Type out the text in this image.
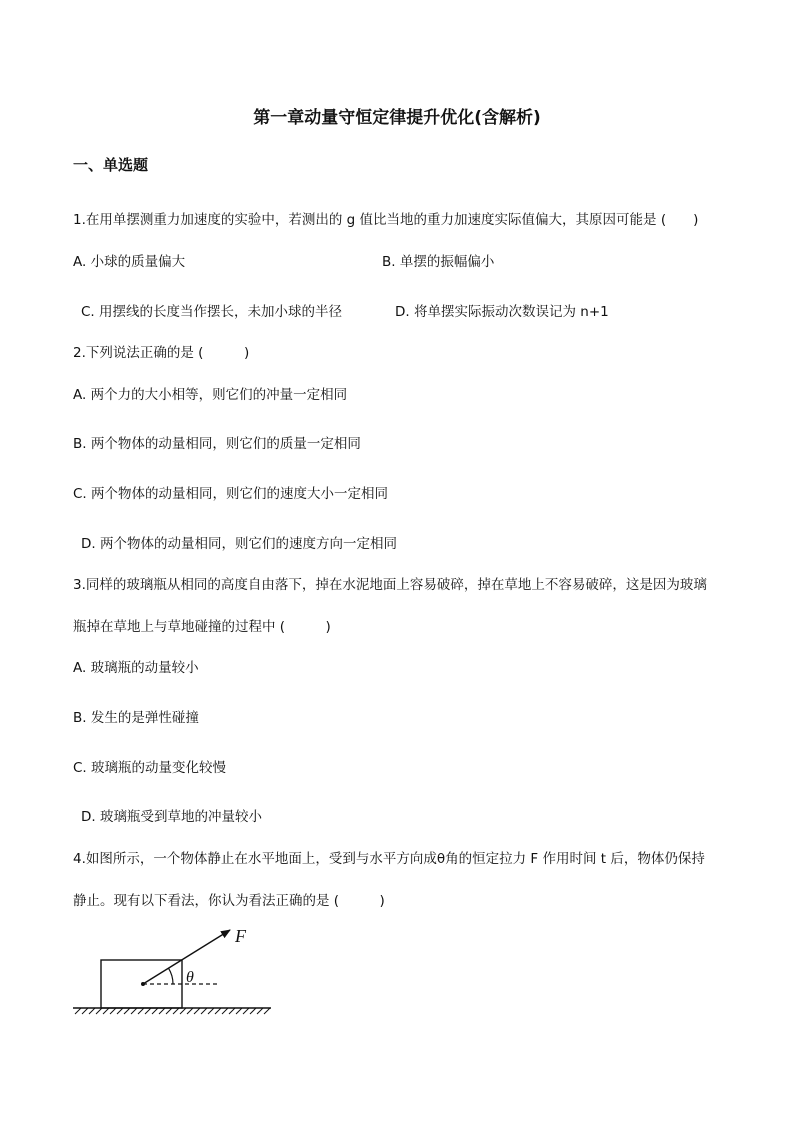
第一章动量守恒定律提升优化(含解析)
一、单选题
1.在用单摆测重力加速度的实验中，若测出的 g 值比当地的重力加速度实际值偏大，其原因可能是 (　　)
A. 小球的质量偏大	B. 单摆的振幅偏小
C. 用摆线的长度当作摆长，未加小球的半径	D. 将单摆实际振动次数误记为 n+1
2.下列说法正确的是 (　　　)
A. 两个力的大小相等，则它们的冲量一定相同
B. 两个物体的动量相同，则它们的质量一定相同
C. 两个物体的动量相同，则它们的速度大小一定相同
D. 两个物体的动量相同，则它们的速度方向一定相同
3.同样的玻璃瓶从相同的高度自由落下，掉在水泥地面上容易破碎，掉在草地上不容易破碎，这是因为玻璃
瓶掉在草地上与草地碰撞的过程中 (　　　)
A. 玻璃瓶的动量较小
B. 发生的是弹性碰撞
C. 玻璃瓶的动量变化较慢
D. 玻璃瓶受到草地的冲量较小
4.如图所示，一个物体静止在水平地面上，受到与水平方向成θ角的恒定拉力 F 作用时间 t 后，物体仍保持
静止。现有以下看法，你认为看法正确的是 (　　　)
F
θ
